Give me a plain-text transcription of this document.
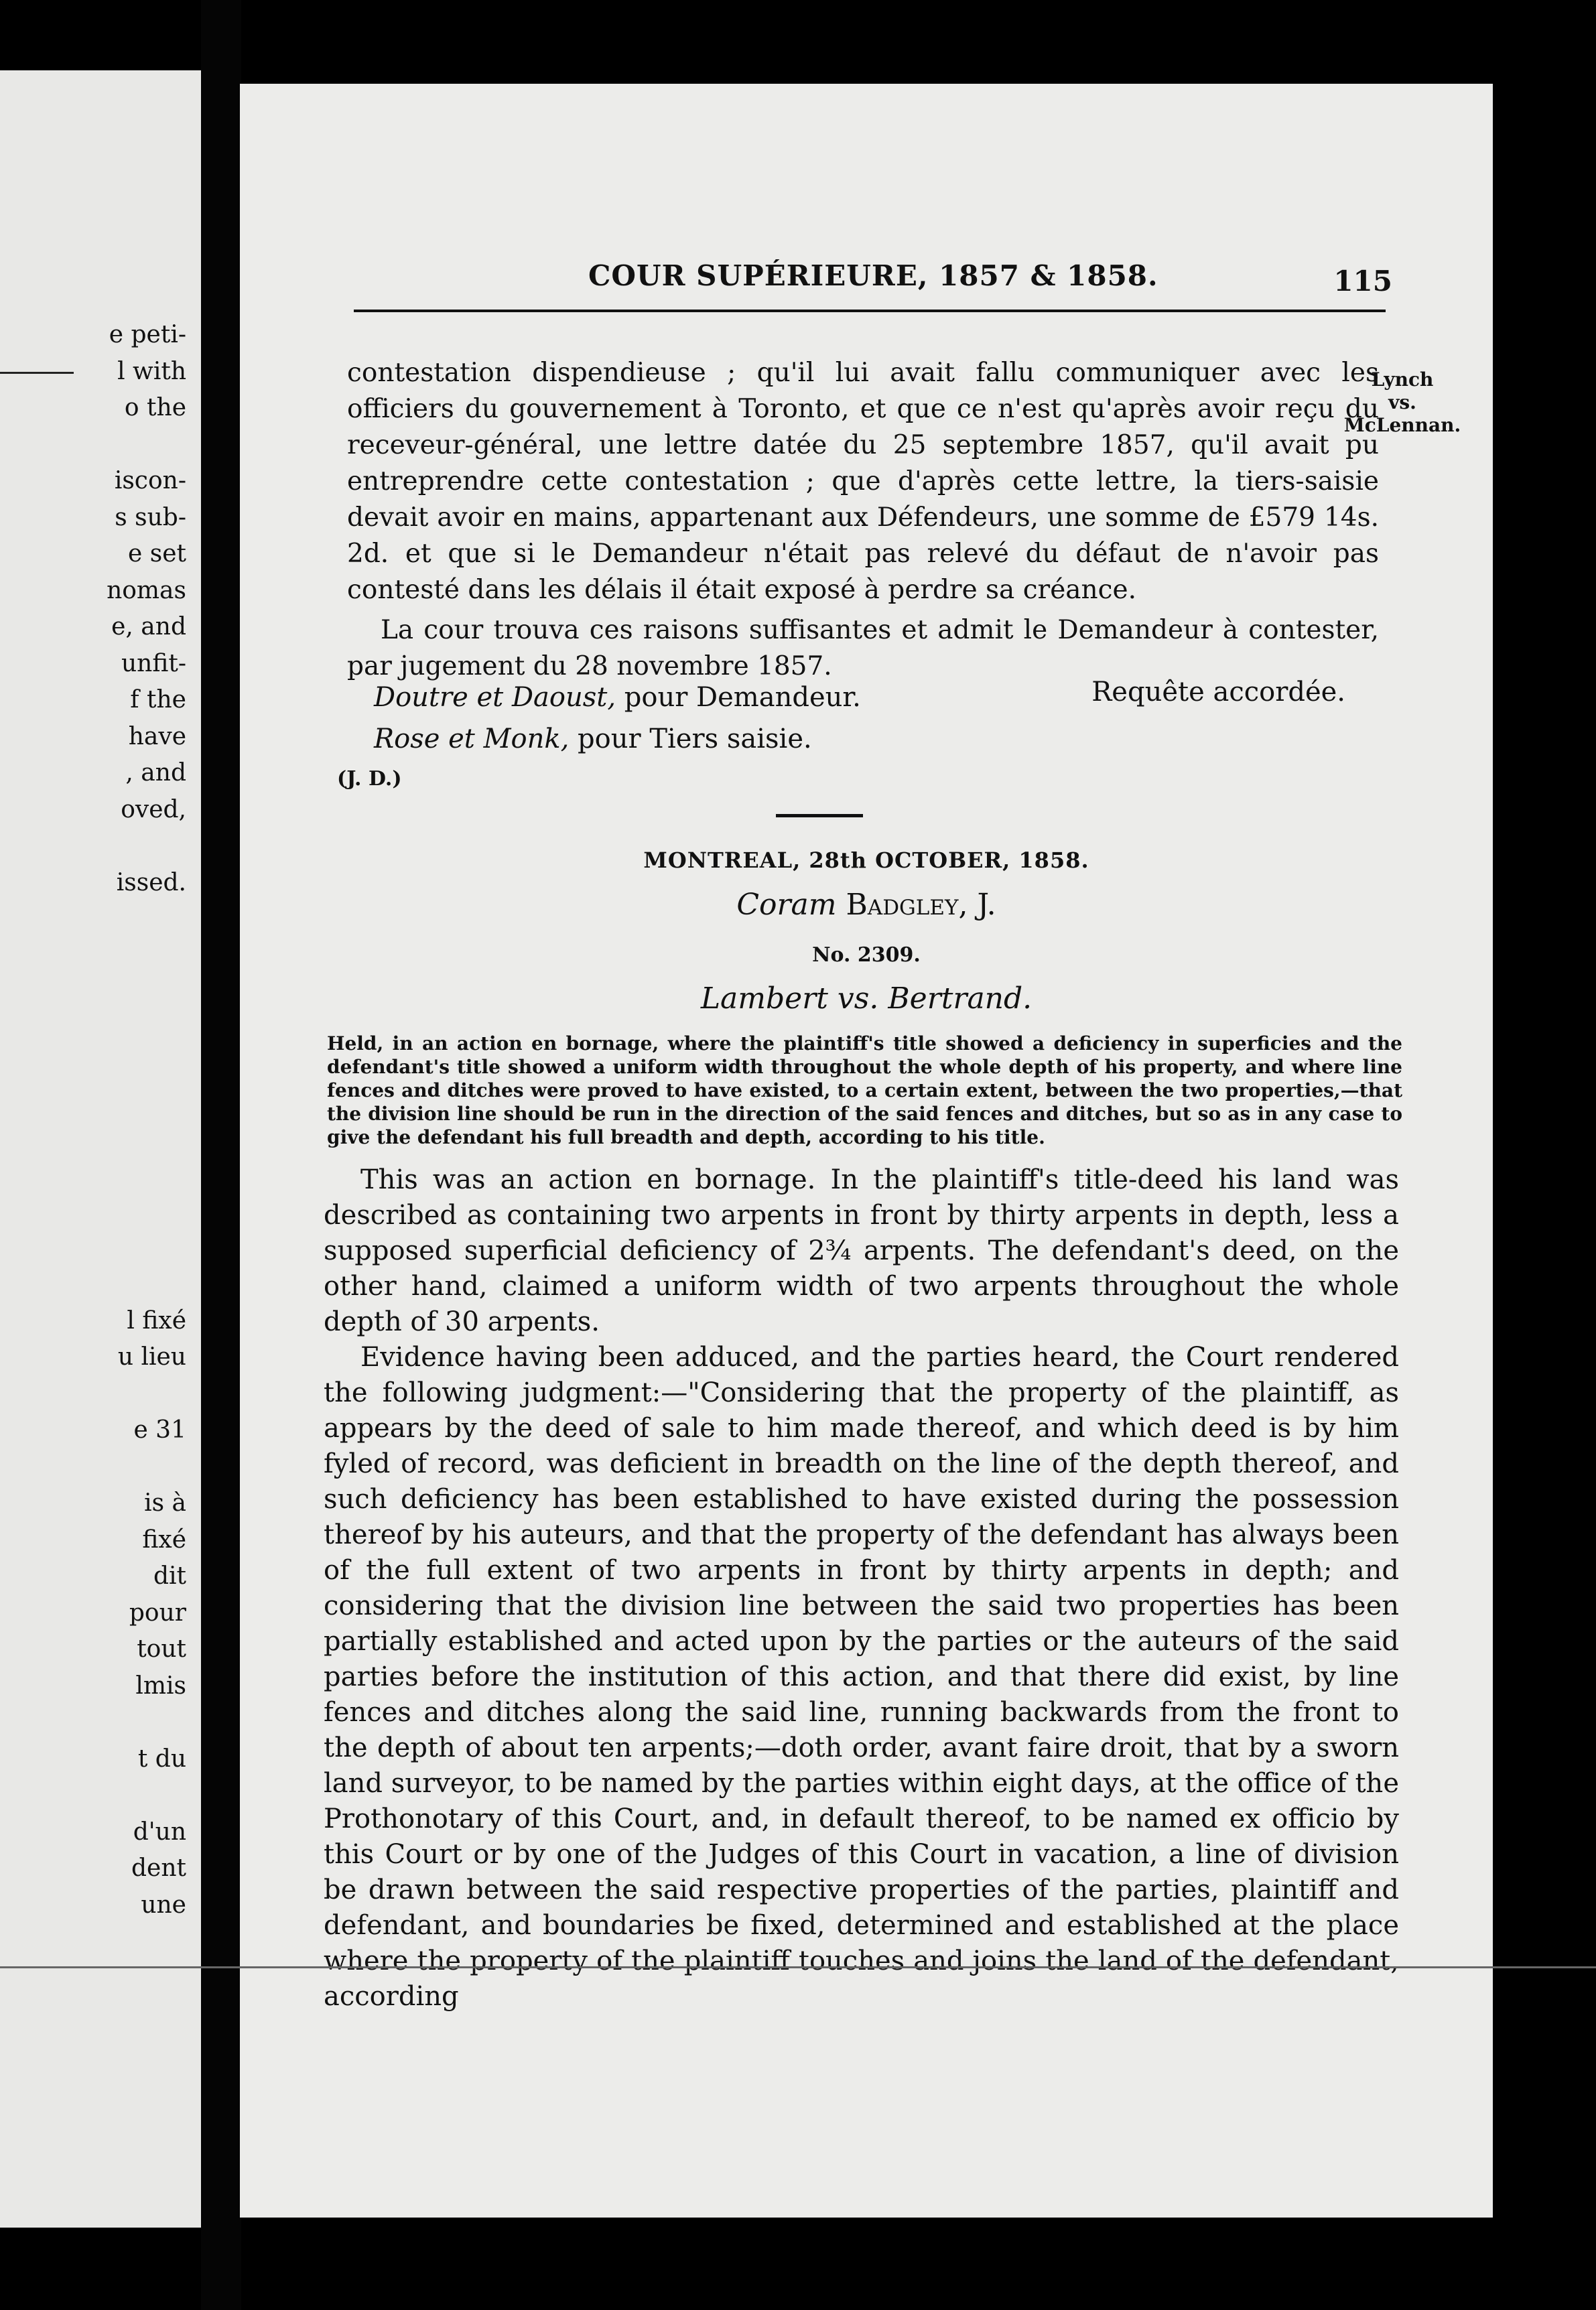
e peti-
l with
o the
iscon-
s sub-
e set
nomas
e, and
unfit-
f the
have
, and
oved,
issed.
l fixé
u lieu
e 31
is à
fixé
dit
pour
tout
lmis
t du
d'un
dent
une
COUR SUPÉRIEURE, 1857 & 1858.	115
Lynch
vs.
McLennan.

contestation dispendieuse ; qu'il lui avait fallu communiquer avec les officiers du gouvernement à Toronto, et que ce n'est qu'après avoir reçu du receveur-général, une lettre datée du 25 septembre 1857, qu'il avait pu entreprendre cette contestation ; que d'après cette lettre, la tiers-saisie devait avoir en mains, appartenant aux Défendeurs, une somme de £579 14s. 2d. et que si le Demandeur n'était pas relevé du défaut de n'avoir pas contesté dans les délais il était exposé à perdre sa créance.

La cour trouva ces raisons suffisantes et admit le Demandeur à contester, par jugement du 28 novembre 1857.

Requête accordée.
Doutre et Daoust, pour Demandeur.
Rose et Monk, pour Tiers saisie.
(J. D.)
MONTREAL, 28th OCTOBER, 1858.
Coram Badgley, J.
No. 2309.
Lambert vs. Bertrand.
Held, in an action en bornage, where the plaintiff's title showed a deficiency in superficies and the defendant's title showed a uniform width throughout the whole depth of his property, and where line fences and ditches were proved to have existed, to a certain extent, between the two properties,—that the division line should be run in the direction of the said fences and ditches, but so as in any case to give the defendant his full breadth and depth, according to his title.

This was an action en bornage. In the plaintiff's title-deed his land was described as containing two arpents in front by thirty arpents in depth, less a supposed superficial deficiency of 2¾ arpents. The defendant's deed, on the other hand, claimed a uniform width of two arpents throughout the whole depth of 30 arpents.

Evidence having been adduced, and the parties heard, the Court rendered the following judgment:—"Considering that the property of the plaintiff, as appears by the deed of sale to him made thereof, and which deed is by him fyled of record, was deficient in breadth on the line of the depth thereof, and such deficiency has been established to have existed during the possession thereof by his auteurs, and that the property of the defendant has always been of the full extent of two arpents in front by thirty arpents in depth; and considering that the division line between the said two properties has been partially established and acted upon by the parties or the auteurs of the said parties before the institution of this action, and that there did exist, by line fences and ditches along the said line, running backwards from the front to the depth of about ten arpents;—doth order, avant faire droit, that by a sworn land surveyor, to be named by the parties within eight days, at the office of the Prothonotary of this Court, and, in default thereof, to be named ex officio by this Court or by one of the Judges of this Court in vacation, a line of division be drawn between the said respective properties of the parties, plaintiff and defendant, and boundaries be fixed, determined and established at the place where the property of the plaintiff touches and joins the land of the defendant, according
